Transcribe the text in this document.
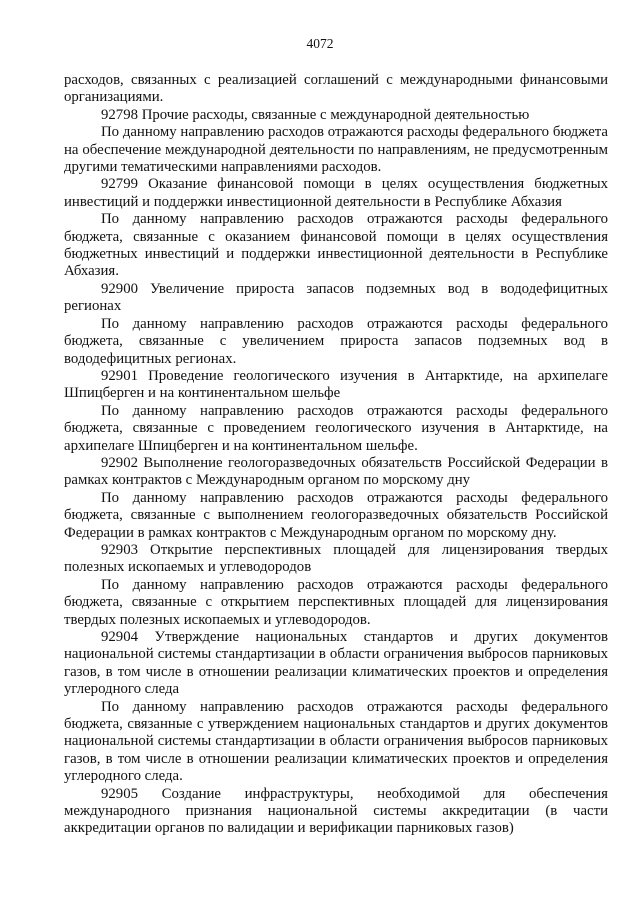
4072

расходов, связанных с реализацией соглашений с международными финансовыми организациями.

92798 Прочие расходы, связанные с международной деятельностью

По данному направлению расходов отражаются расходы федерального бюджета на обеспечение международной деятельности по направлениям, не предусмотренным другими тематическими направлениями расходов.

92799 Оказание финансовой помощи в целях осуществления бюджетных инвестиций и поддержки инвестиционной деятельности в Республике Абхазия

По данному направлению расходов отражаются расходы федерального бюджета, связанные с оказанием финансовой помощи в целях осуществления бюджетных инвестиций и поддержки инвестиционной деятельности в Республике Абхазия.

92900 Увеличение прироста запасов подземных вод в вододефицитных регионах

По данному направлению расходов отражаются расходы федерального бюджета, связанные с увеличением прироста запасов подземных вод в вододефицитных регионах.

92901 Проведение геологического изучения в Антарктиде, на архипелаге Шпицберген и на континентальном шельфе

По данному направлению расходов отражаются расходы федерального бюджета, связанные с проведением геологического изучения в Антарктиде, на архипелаге Шпицберген и на континентальном шельфе.

92902 Выполнение геологоразведочных обязательств Российской Федерации в рамках контрактов с Международным органом по морскому дну

По данному направлению расходов отражаются расходы федерального бюджета, связанные с выполнением геологоразведочных обязательств Российской Федерации в рамках контрактов с Международным органом по морскому дну.

92903 Открытие перспективных площадей для лицензирования твердых полезных ископаемых и углеводородов

По данному направлению расходов отражаются расходы федерального бюджета, связанные с открытием перспективных площадей для лицензирования твердых полезных ископаемых и углеводородов.

92904 Утверждение национальных стандартов и других документов национальной системы стандартизации в области ограничения выбросов парниковых газов, в том числе в отношении реализации климатических проектов и определения углеродного следа

По данному направлению расходов отражаются расходы федерального бюджета, связанные с утверждением национальных стандартов и других документов национальной системы стандартизации в области ограничения выбросов парниковых газов, в том числе в отношении реализации климатических проектов и определения углеродного следа.

92905 Создание инфраструктуры, необходимой для обеспечения международного признания национальной системы аккредитации (в части аккредитации органов по валидации и верификации парниковых газов)
